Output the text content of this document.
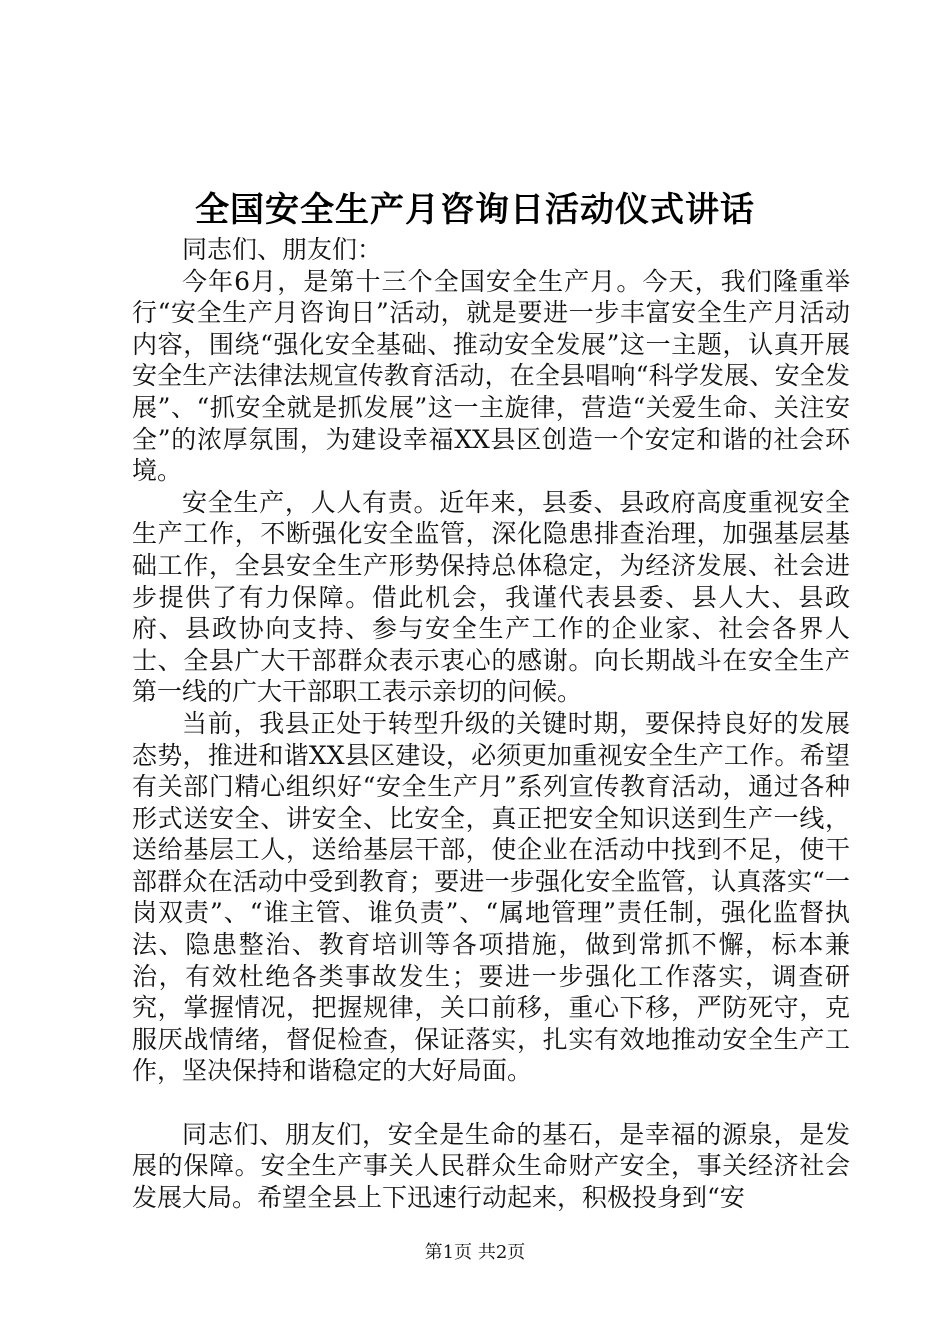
全国安全生产月咨询日活动仪式讲话

同志们、朋友们：

今年6月，是第十三个全国安全生产月。今天，我们隆重举行“安全生产月咨询日”活动，就是要进一步丰富安全生产月活动内容，围绕“强化安全基础、推动安全发展”这一主题，认真开展安全生产法律法规宣传教育活动，在全县唱响“科学发展、安全发展”、“抓安全就是抓发展”这一主旋律，营造“关爱生命、关注安全”的浓厚氛围，为建设幸福XX县区创造一个安定和谐的社会环境。

安全生产，人人有责。近年来，县委、县政府高度重视安全生产工作，不断强化安全监管，深化隐患排查治理，加强基层基础工作，全县安全生产形势保持总体稳定，为经济发展、社会进步提供了有力保障。借此机会，我谨代表县委、县人大、县政府、县政协向支持、参与安全生产工作的企业家、社会各界人士、全县广大干部群众表示衷心的感谢。向长期战斗在安全生产第一线的广大干部职工表示亲切的问候。

当前，我县正处于转型升级的关键时期，要保持良好的发展态势，推进和谐XX县区建设，必须更加重视安全生产工作。希望有关部门精心组织好“安全生产月”系列宣传教育活动，通过各种形式送安全、讲安全、比安全，真正把安全知识送到生产一线，送给基层工人，送给基层干部，使企业在活动中找到不足，使干部群众在活动中受到教育；要进一步强化安全监管，认真落实“一岗双责”、“谁主管、谁负责”、“属地管理”责任制，强化监督执法、隐患整治、教育培训等各项措施，做到常抓不懈，标本兼治，有效杜绝各类事故发生；要进一步强化工作落实，调查研究，掌握情况，把握规律，关口前移，重心下移，严防死守，克服厌战情绪，督促检查，保证落实，扎实有效地推动安全生产工作，坚决保持和谐稳定的大好局面。

同志们、朋友们，安全是生命的基石，是幸福的源泉，是发展的保障。安全生产事关人民群众生命财产安全，事关经济社会发展大局。希望全县上下迅速行动起来，积极投身到“安

第1页 共2页
